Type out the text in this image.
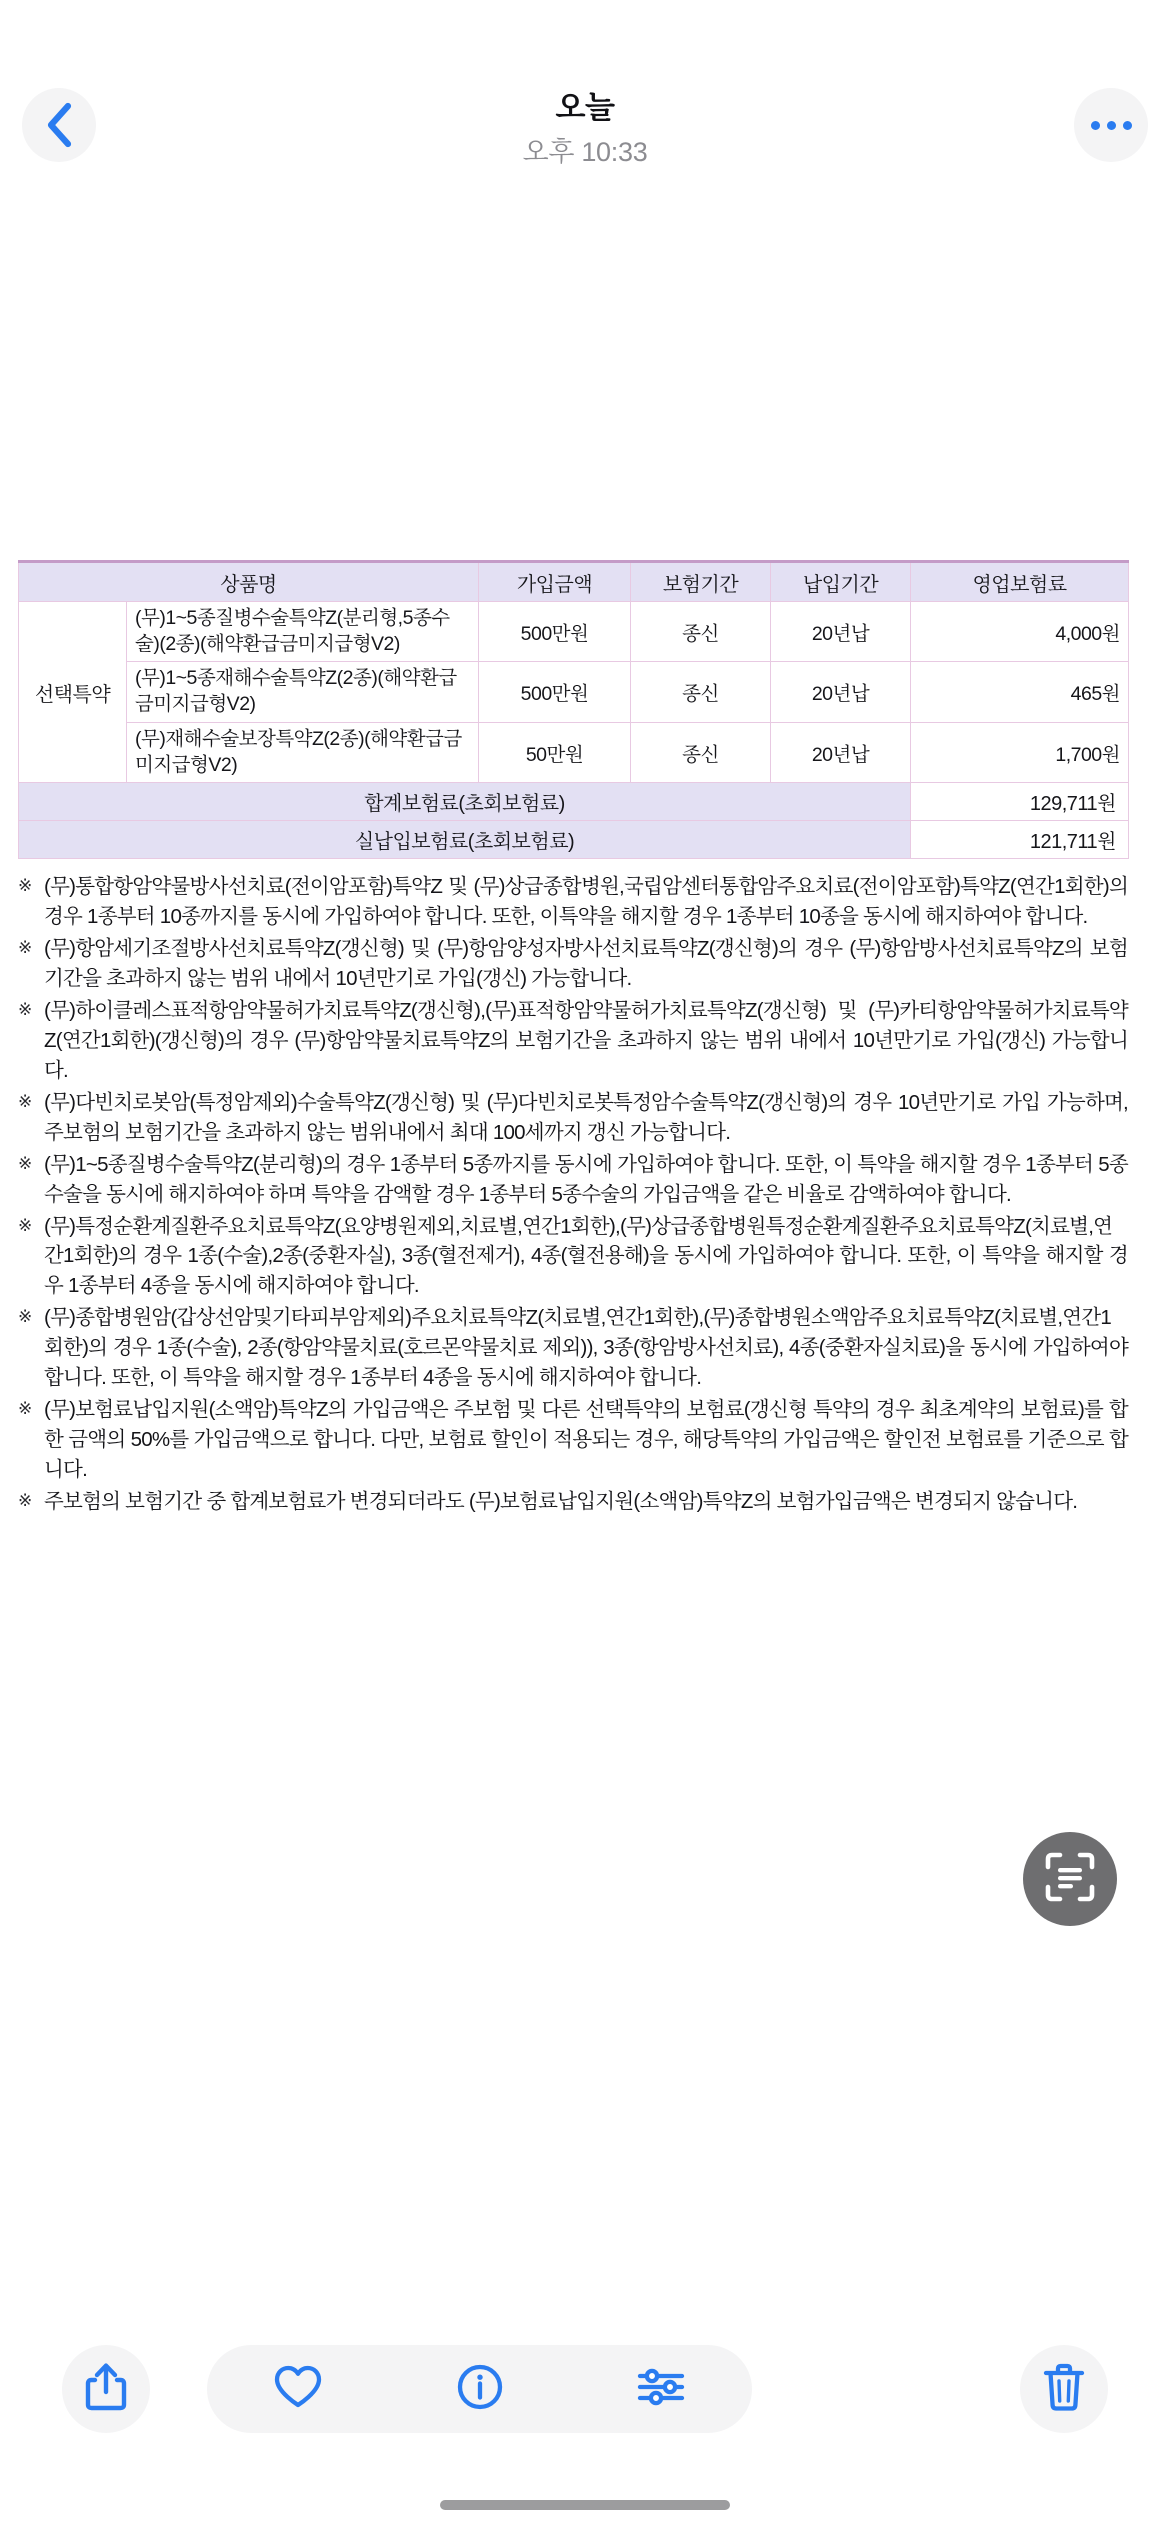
오늘
오후 10:33
상품명		가입금액	보험기간	납입기간	영업보험료
선택특약	(무)1~5종질병수술특약Z(분리형,5종수술)(2종)(해약환급금미지급형V2)	500만원	종신	20년납	4,000원
	(무)1~5종재해수술특약Z(2종)(해약환급금미지급형V2)	500만원	종신	20년납	465원
	(무)재해수술보장특약Z(2종)(해약환급금미지급형V2)	50만원	종신	20년납	1,700원
합계보험료(초회보험료)					129,711원
실납입보험료(초회보험료)					121,711원
※ (무)통합항암약물방사선치료(전이암포함)특약Z 및 (무)상급종합병원,국립암센터통합암주요치료(전이암포함)특약Z(연간1회한)의 경우 1종부터 10종까지를 동시에 가입하여야 합니다. 또한, 이특약을 해지할 경우 1종부터 10종을 동시에 해지하여야 합니다.
※ (무)항암세기조절방사선치료특약Z(갱신형) 및 (무)항암양성자방사선치료특약Z(갱신형)의 경우 (무)항암방사선치료특약Z의 보험기간을 초과하지 않는 범위 내에서 10년만기로 가입(갱신) 가능합니다.
※ (무)하이클레스표적항암약물허가치료특약Z(갱신형),(무)표적항암약물허가치료특약Z(갱신형) 및 (무)카티항암약물허가치료특약Z(연간1회한)(갱신형)의 경우 (무)항암약물치료특약Z의 보험기간을 초과하지 않는 범위 내에서 10년만기로 가입(갱신) 가능합니다.
※ (무)다빈치로봇암(특정암제외)수술특약Z(갱신형) 및 (무)다빈치로봇특정암수술특약Z(갱신형)의 경우 10년만기로 가입 가능하며, 주보험의 보험기간을 초과하지 않는 범위내에서 최대 100세까지 갱신 가능합니다.
※ (무)1~5종질병수술특약Z(분리형)의 경우 1종부터 5종까지를 동시에 가입하여야 합니다. 또한, 이 특약을 해지할 경우 1종부터 5종수술을 동시에 해지하여야 하며 특약을 감액할 경우 1종부터 5종수술의 가입금액을 같은 비율로 감액하여야 합니다.
※ (무)특정순환계질환주요치료특약Z(요양병원제외,치료별,연간1회한),(무)상급종합병원특정순환계질환주요치료특약Z(치료별,연간1회한)의 경우 1종(수술),2종(중환자실), 3종(혈전제거), 4종(혈전용해)을 동시에 가입하여야 합니다. 또한, 이 특약을 해지할 경우 1종부터 4종을 동시에 해지하여야 합니다.
※ (무)종합병원암(갑상선암및기타피부암제외)주요치료특약Z(치료별,연간1회한),(무)종합병원소액암주요치료특약Z(치료별,연간1회한)의 경우 1종(수술), 2종(항암약물치료(호르몬약물치료 제외)), 3종(항암방사선치료), 4종(중환자실치료)을 동시에 가입하여야 합니다. 또한, 이 특약을 해지할 경우 1종부터 4종을 동시에 해지하여야 합니다.
※ (무)보험료납입지원(소액암)특약Z의 가입금액은 주보험 및 다른 선택특약의 보험료(갱신형 특약의 경우 최초계약의 보험료)를 합한 금액의 50%를 가입금액으로 합니다. 다만, 보험료 할인이 적용되는 경우, 해당특약의 가입금액은 할인전 보험료를 기준으로 합니다.
※ 주보험의 보험기간 중 합계보험료가 변경되더라도 (무)보험료납입지원(소액암)특약Z의 보험가입금액은 변경되지 않습니다.
